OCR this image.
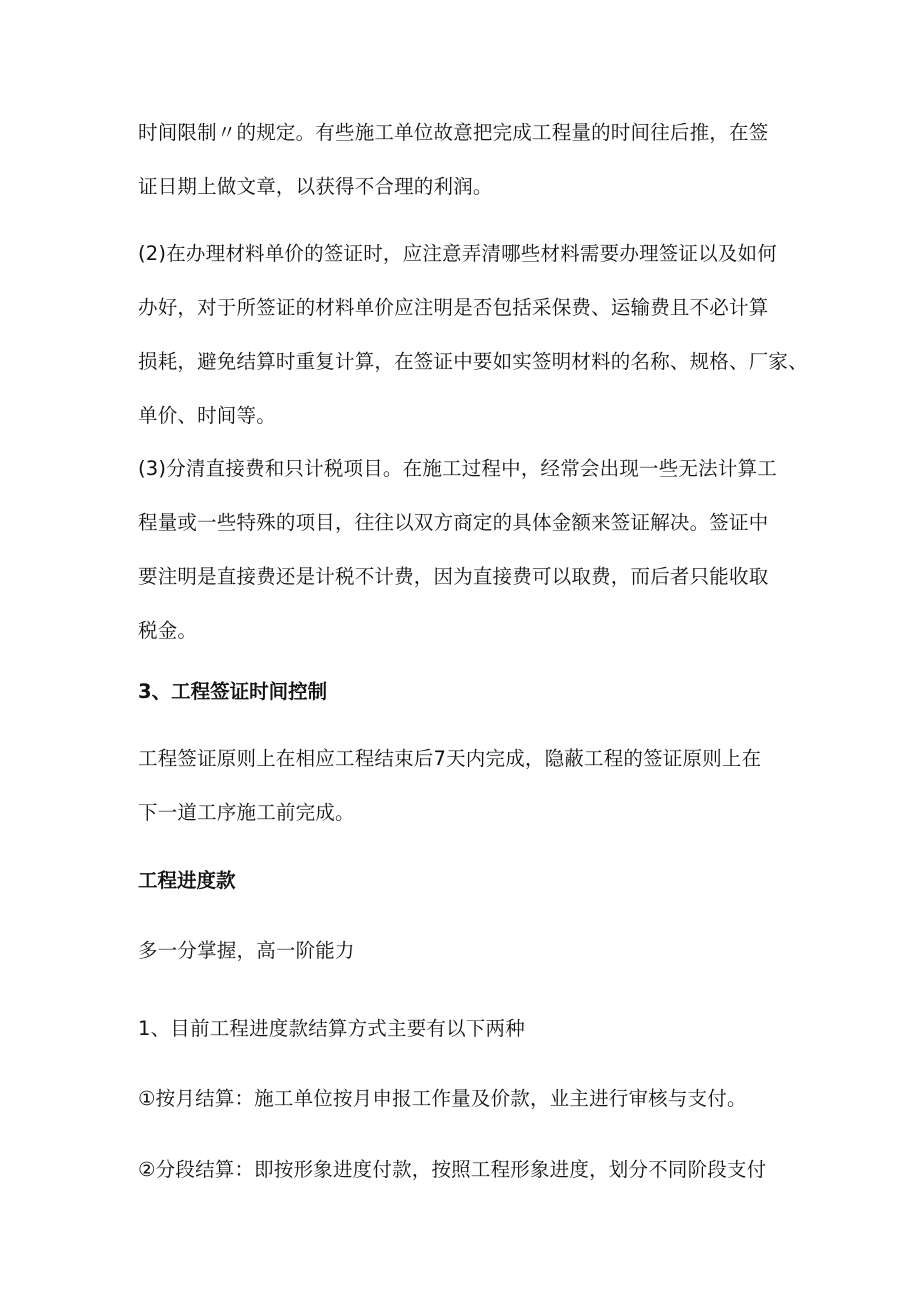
时间限制〃的规定。有些施工单位故意把完成工程量的时间往后推，在签
证日期上做文章，以获得不合理的利润。
(2)在办理材料单价的签证时，应注意弄清哪些材料需要办理签证以及如何
办好，对于所签证的材料单价应注明是否包括采保费、运输费且不必计算
损耗，避免结算时重复计算，在签证中要如实签明材料的名称、规格、厂家、
单价、时间等。
(3)分清直接费和只计税项目。在施工过程中，经常会出现一些无法计算工
程量或一些特殊的项目，往往以双方商定的具体金额来签证解决。签证中
要注明是直接费还是计税不计费，因为直接费可以取费，而后者只能收取
税金。
3、工程签证时间控制
工程签证原则上在相应工程结束后7天内完成，隐蔽工程的签证原则上在
下一道工序施工前完成。
工程进度款
多一分掌握，高一阶能力
1、目前工程进度款结算方式主要有以下两种
①按月结算：施工单位按月申报工作量及价款，业主进行审核与支付。
②分段结算：即按形象进度付款，按照工程形象进度，划分不同阶段支付
